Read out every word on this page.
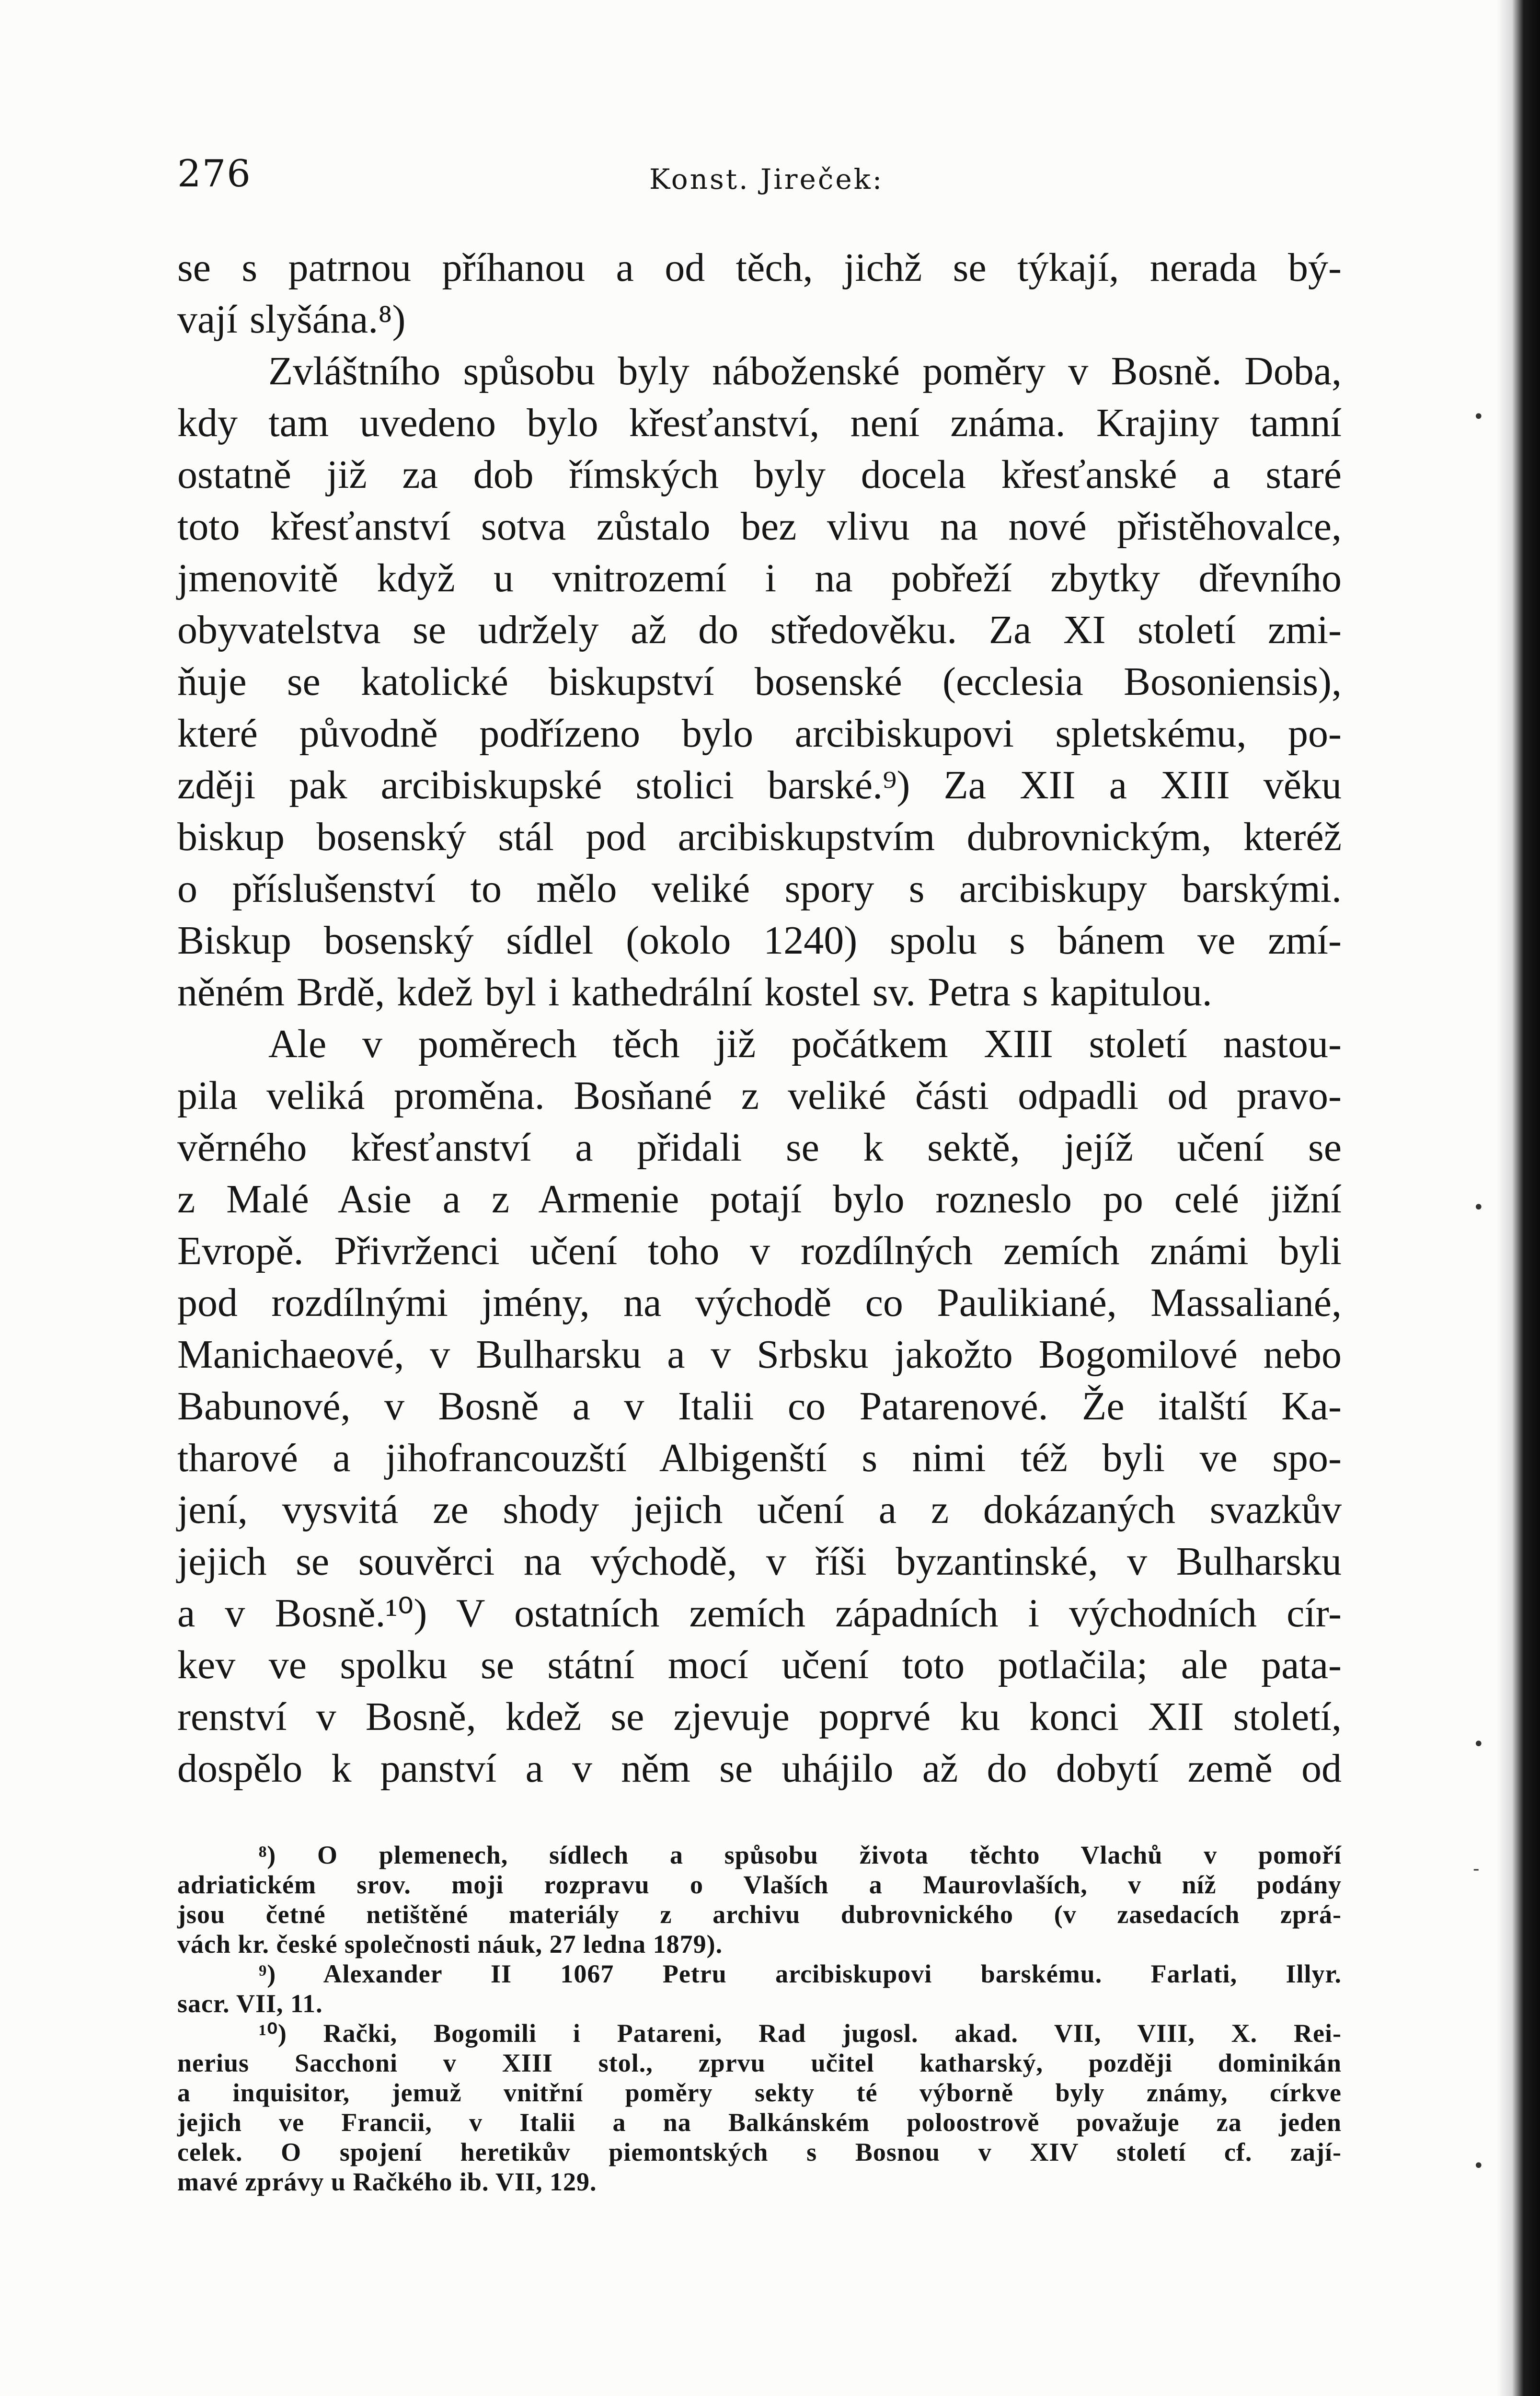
276	Konst. Jireček:
se s patrnou příhanou a od těch, jichž se týkají, nerada bý-
vají slyšána.⁸)
Zvláštního spůsobu byly náboženské poměry v Bosně. Doba,
kdy tam uvedeno bylo křesťanství, není známa. Krajiny tamní
ostatně již za dob římských byly docela křesťanské a staré
toto křesťanství sotva zůstalo bez vlivu na nové přistěhovalce,
jmenovitě když u vnitrozemí i na pobřeží zbytky dřevního
obyvatelstva se udržely až do středověku. Za XI století zmi-
ňuje se katolické biskupství bosenské (ecclesia Bosoniensis),
které původně podřízeno bylo arcibiskupovi spletskému, po-
zději pak arcibiskupské stolici barské.⁹) Za XII a XIII věku
biskup bosenský stál pod arcibiskupstvím dubrovnickým, kteréž
o příslušenství to mělo veliké spory s arcibiskupy barskými.
Biskup bosenský sídlel (okolo 1240) spolu s bánem ve zmí-
něném Brdě, kdež byl i kathedrální kostel sv. Petra s kapitulou.
Ale v poměrech těch již počátkem XIII století nastou-
pila veliká proměna. Bosňané z veliké části odpadli od pravo-
věrného křesťanství a přidali se k sektě, jejíž učení se
z Malé Asie a z Armenie potají bylo rozneslo po celé jižní
Evropě. Přivrženci učení toho v rozdílných zemích známi byli
pod rozdílnými jmény, na východě co Paulikiané, Massaliané,
Manichaeové, v Bulharsku a v Srbsku jakožto Bogomilové nebo
Babunové, v Bosně a v Italii co Patarenové. Že italští Ka-
tharové a jihofrancouzští Albigenští s nimi též byli ve spo-
jení, vysvitá ze shody jejich učení a z dokázaných svazkův
jejich se souvěrci na východě, v říši byzantinské, v Bulharsku
a v Bosně.¹⁰) V ostatních zemích západních i východních cír-
kev ve spolku se státní mocí učení toto potlačila; ale pata-
renství v Bosně, kdež se zjevuje poprvé ku konci XII století,
dospělo k panství a v něm se uhájilo až do dobytí země od
⁸) O plemenech, sídlech a spůsobu života těchto Vlachů v pomoří
adriatickém srov. moji rozpravu o Vlaších a Maurovlaších, v níž podány
jsou četné netištěné materiály z archivu dubrovnického (v zasedacích zprá-
vách kr. české společnosti náuk, 27 ledna 1879).
⁹) Alexander II 1067 Petru arcibiskupovi barskému. Farlati, Illyr.
sacr. VII, 11.
¹⁰) Rački, Bogomili i Patareni, Rad jugosl. akad. VII, VIII, X. Rei-
nerius Sacchoni v XIII stol., zprvu učitel katharský, později dominikán
a inquisitor, jemuž vnitřní poměry sekty té výborně byly známy, církve
jejich ve Francii, v Italii a na Balkánském poloostrově považuje za jeden
celek. O spojení heretikův piemontských s Bosnou v XIV století cf. zají-
mavé zprávy u Račkého ib. VII, 129.
•
•
•
•
-
